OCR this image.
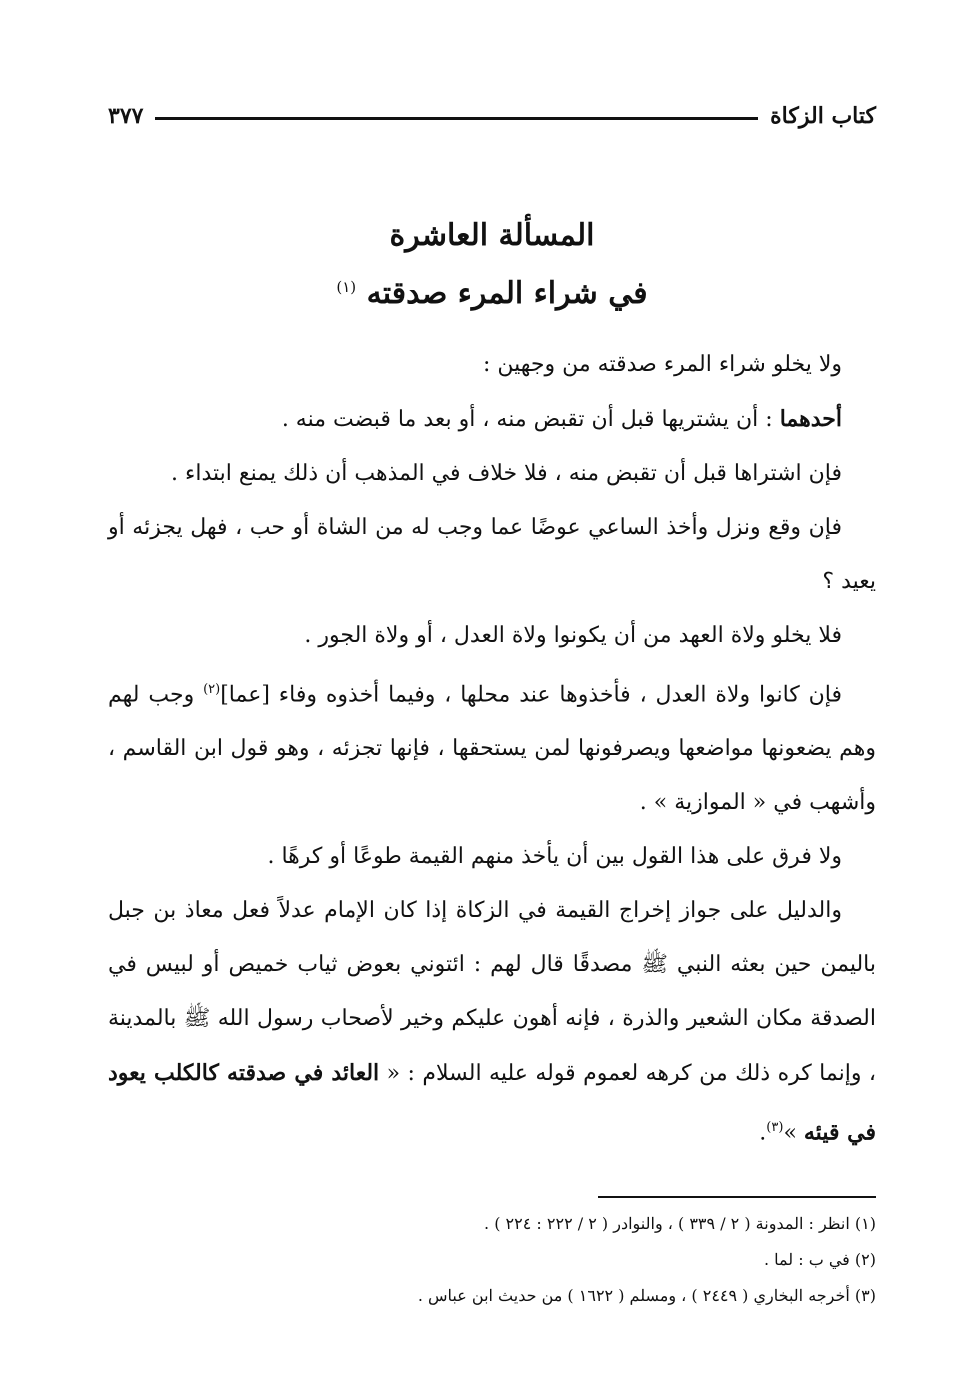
كتاب الزكاة
٣٧٧
المسألة العاشرة
في شراء المرء صدقته $^{(١)}$

ولا يخلو شراء المرء صدقته من وجهين :

أحدهما : أن يشتريها قبل أن تقبض منه ، أو بعد ما قبضت منه .

فإن اشتراها قبل أن تقبض منه ، فلا خلاف في المذهب أن ذلك يمنع ابتداء .

فإن وقع ونزل وأخذ الساعي عوضًا عما وجب له من الشاة أو حب ، فهل يجزئه أو يعيد ؟

فلا يخلو ولاة العهد من أن يكونوا ولاة العدل ، أو ولاة الجور .

فإن كانوا ولاة العدل ، فأخذوها عند محلها ، وفيما أخذوه وفاء [عما]$^{(٢)}$ وجب لهم وهم يضعونها مواضعها ويصرفونها لمن يستحقها ، فإنها تجزئه ، وهو قول ابن القاسم ، وأشهب في « الموازية » .

ولا فرق على هذا القول بين أن يأخذ منهم القيمة طوعًا أو كرهًا .

والدليل على جواز إخراج القيمة في الزكاة إذا كان الإمام عدلاً فعل معاذ بن جبل باليمن حين بعثه النبي ﷺ مصدقًا قال لهم : ائتوني بعوض ثياب خميص أو لبيس في الصدقة مكان الشعير والذرة ، فإنه أهون عليكم وخير لأصحاب رسول الله ﷺ بالمدينة ، وإنما كره ذلك من كرهه لعموم قوله عليه السلام : « العائد في صدقته كالكلب يعود في قيئه »$^{(٣)}$.

(١) انظر : المدونة ( ٢ / ٣٣٩ ) ، والنوادر ( ٢ / ٢٢٢ : ٢٢٤ ) .
(٢) في ب : لما .
(٣) أخرجه البخاري ( ٢٤٤٩ ) ، ومسلم ( ١٦٢٢ ) من حديث ابن عباس .
